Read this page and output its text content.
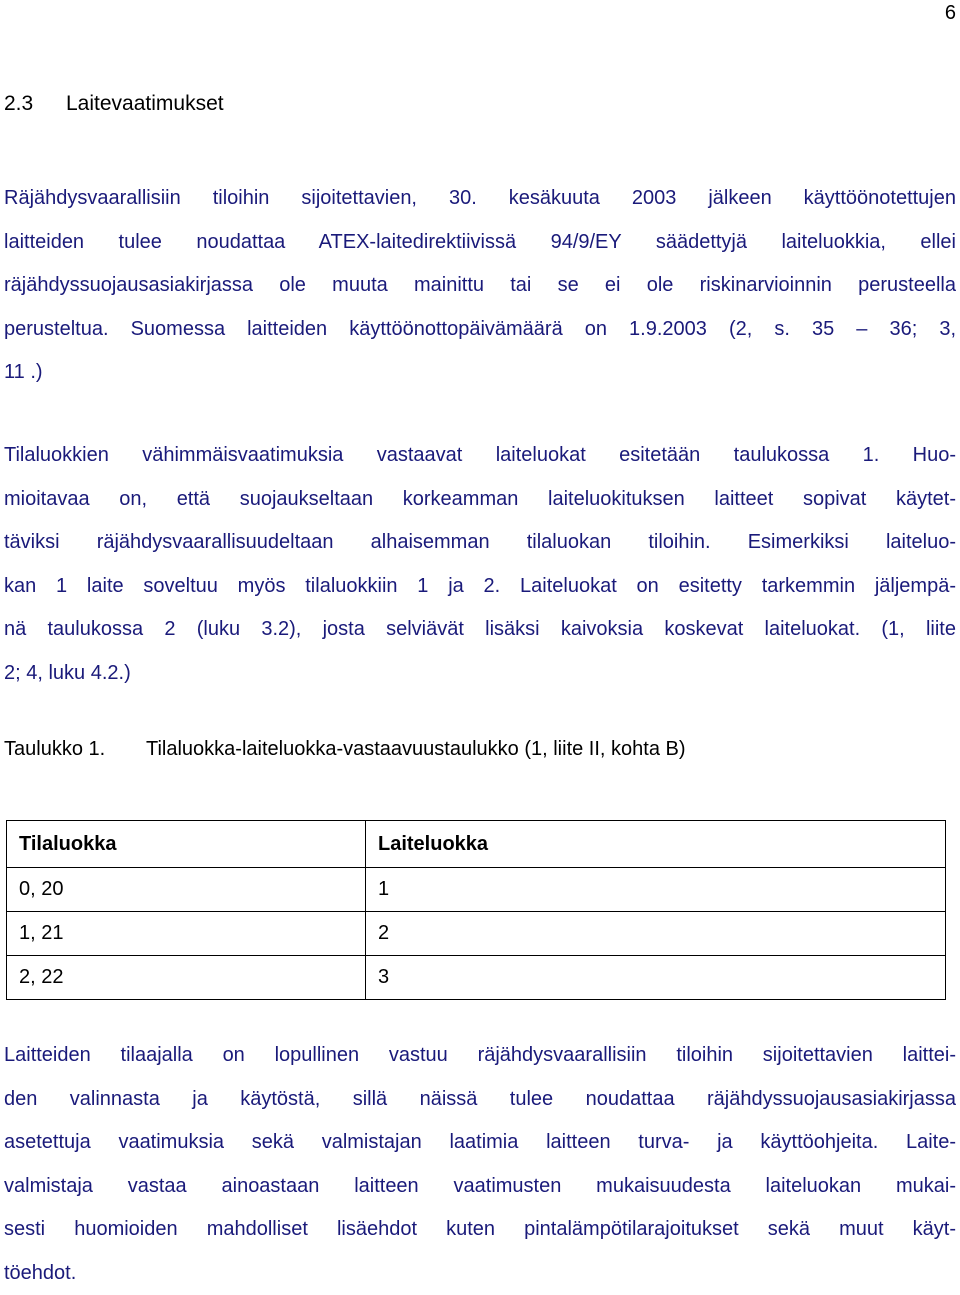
6
2.3 Laitevaatimukset
Räjähdysvaarallisiin tiloihin sijoitettavien, 30. kesäkuuta 2003 jälkeen käyttöönotettujen
laitteiden tulee noudattaa ATEX-laitedirektiivissä 94/9/EY säädettyjä laiteluokkia, ellei
räjähdyssuojausasiakirjassa ole muuta mainittu tai se ei ole riskinarvioinnin perusteella
perusteltua. Suomessa laitteiden käyttöönottopäivämäärä on 1.9.2003 (2, s. 35 – 36; 3,
11 .)
Tilaluokkien vähimmäisvaatimuksia vastaavat laiteluokat esitetään taulukossa 1. Huo-
mioitavaa on, että suojaukseltaan korkeamman laiteluokituksen laitteet sopivat käytet-
täviksi räjähdysvaarallisuudeltaan alhaisemman tilaluokan tiloihin. Esimerkiksi laiteluo-
kan 1 laite soveltuu myös tilaluokkiin 1 ja 2. Laiteluokat on esitetty tarkemmin jäljempä-
nä taulukossa 2 (luku 3.2), josta selviävät lisäksi kaivoksia koskevat laiteluokat. (1, liite
2; 4, luku 4.2.)
Taulukko 1. Tilaluokka-laiteluokka-vastaavuustaulukko (1, liite II, kohta B)
Tilaluokka	Laiteluokka
0, 20	1
1, 21	2
2, 22	3
Laitteiden tilaajalla on lopullinen vastuu räjähdysvaarallisiin tiloihin sijoitettavien laittei-
den valinnasta ja käytöstä, sillä näissä tulee noudattaa räjähdyssuojausasiakirjassa
asetettuja vaatimuksia sekä valmistajan laatimia laitteen turva- ja käyttöohjeita. Laite-
valmistaja vastaa ainoastaan laitteen vaatimusten mukaisuudesta laiteluokan mukai-
sesti huomioiden mahdolliset lisäehdot kuten pintalämpötilarajoitukset sekä muut käyt-
töehdot.
